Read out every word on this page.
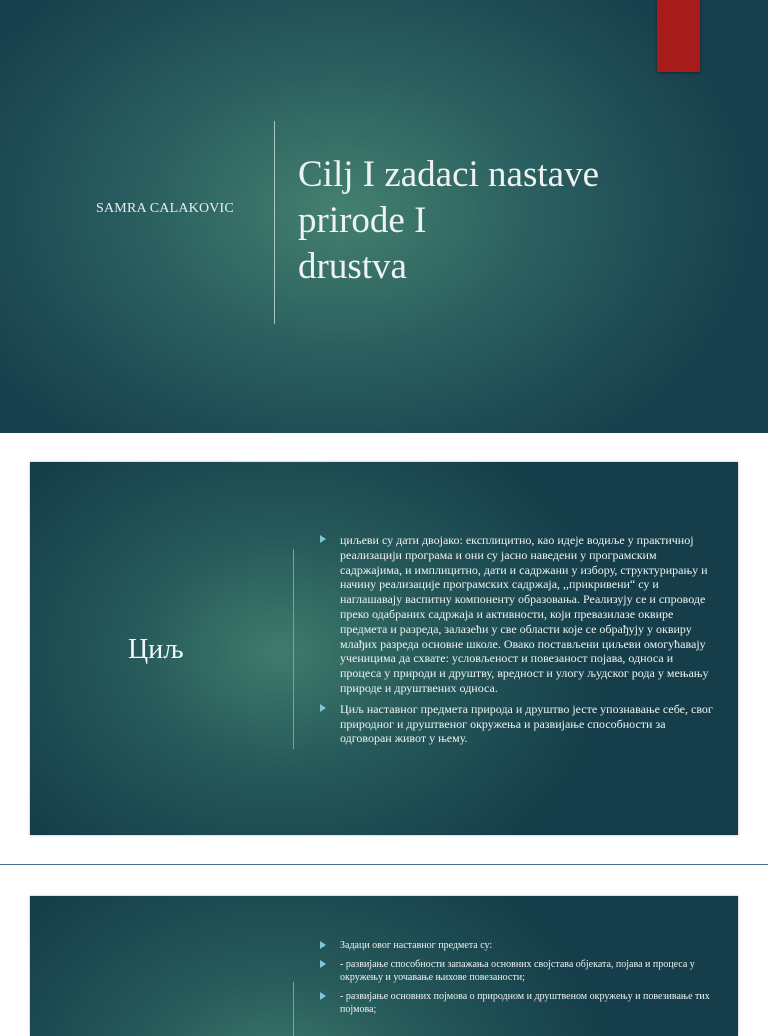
SAMRA CALAKOVIC
Cilj I zadaci nastave
prirode I
drustva
Циљ
циљеви су дати двојако: експлицитно, као идеје водиље у практичној реализацији програма и они су јасно наведени у програмским садржајима, и имплицитно, дати и садржани у избору, структурирању и начину реализације програмских садржаја, ,,прикривени“ су и наглашавају васпитну компоненту образовања. Реализују се и спроводе преко одабраних садржаја и активности, који превазилазе оквире предмета и разреда, залазећи у све области које се обрађују у оквиру млађих разреда основне школе. Овако постављени циљеви омогућавају ученицима да схвате: условљеност и повезаност појава, односа и процеса у природи и друштву, вредност и улогу људског рода у мењању природе и друштвених односа.
Циљ наставног предмета природа и друштво јесте упознавање себе, свог природног и друштвеног окружења и развијање способности за одговоран живот у њему.
Задаци овог наставног предмета су:
- развијање способности запажања основних својстава објеката, појава и процеса у окружењу и уочавање њихове повезаности;
- развијање основних појмова о природном и друштвеном окружењу и повезивање тих појмова;
